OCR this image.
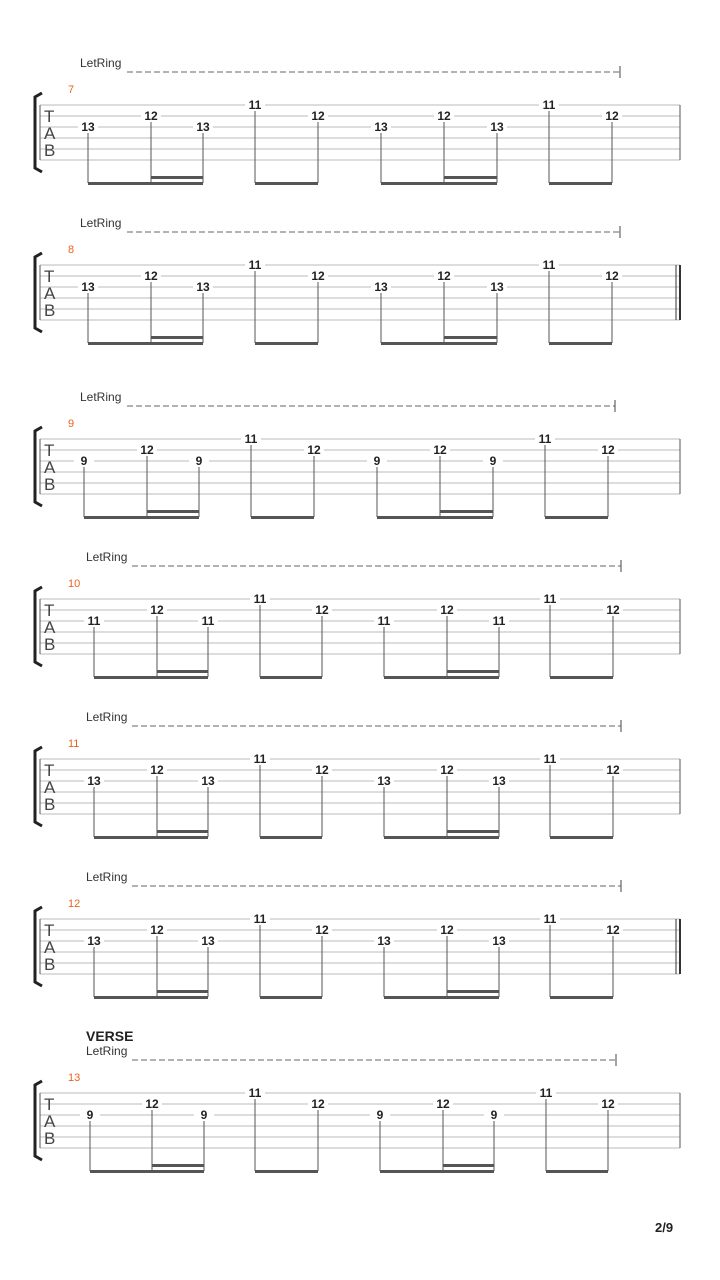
LetRing
7
T
A
B
13
12
13
11
12
13
12
13
11
12
LetRing
8
T
A
B
13
12
13
11
12
13
12
13
11
12
LetRing
9
T
A
B
9
12
9
11
12
9
12
9
11
12
LetRing
10
T
A
B
11
12
11
11
12
11
12
11
11
12
LetRing
11
T
A
B
13
12
13
11
12
13
12
13
11
12
LetRing
12
T
A
B
13
12
13
11
12
13
12
13
11
12
VERSE
LetRing
13
T
A
B
9
12
9
11
12
9
12
9
11
12
2/9
